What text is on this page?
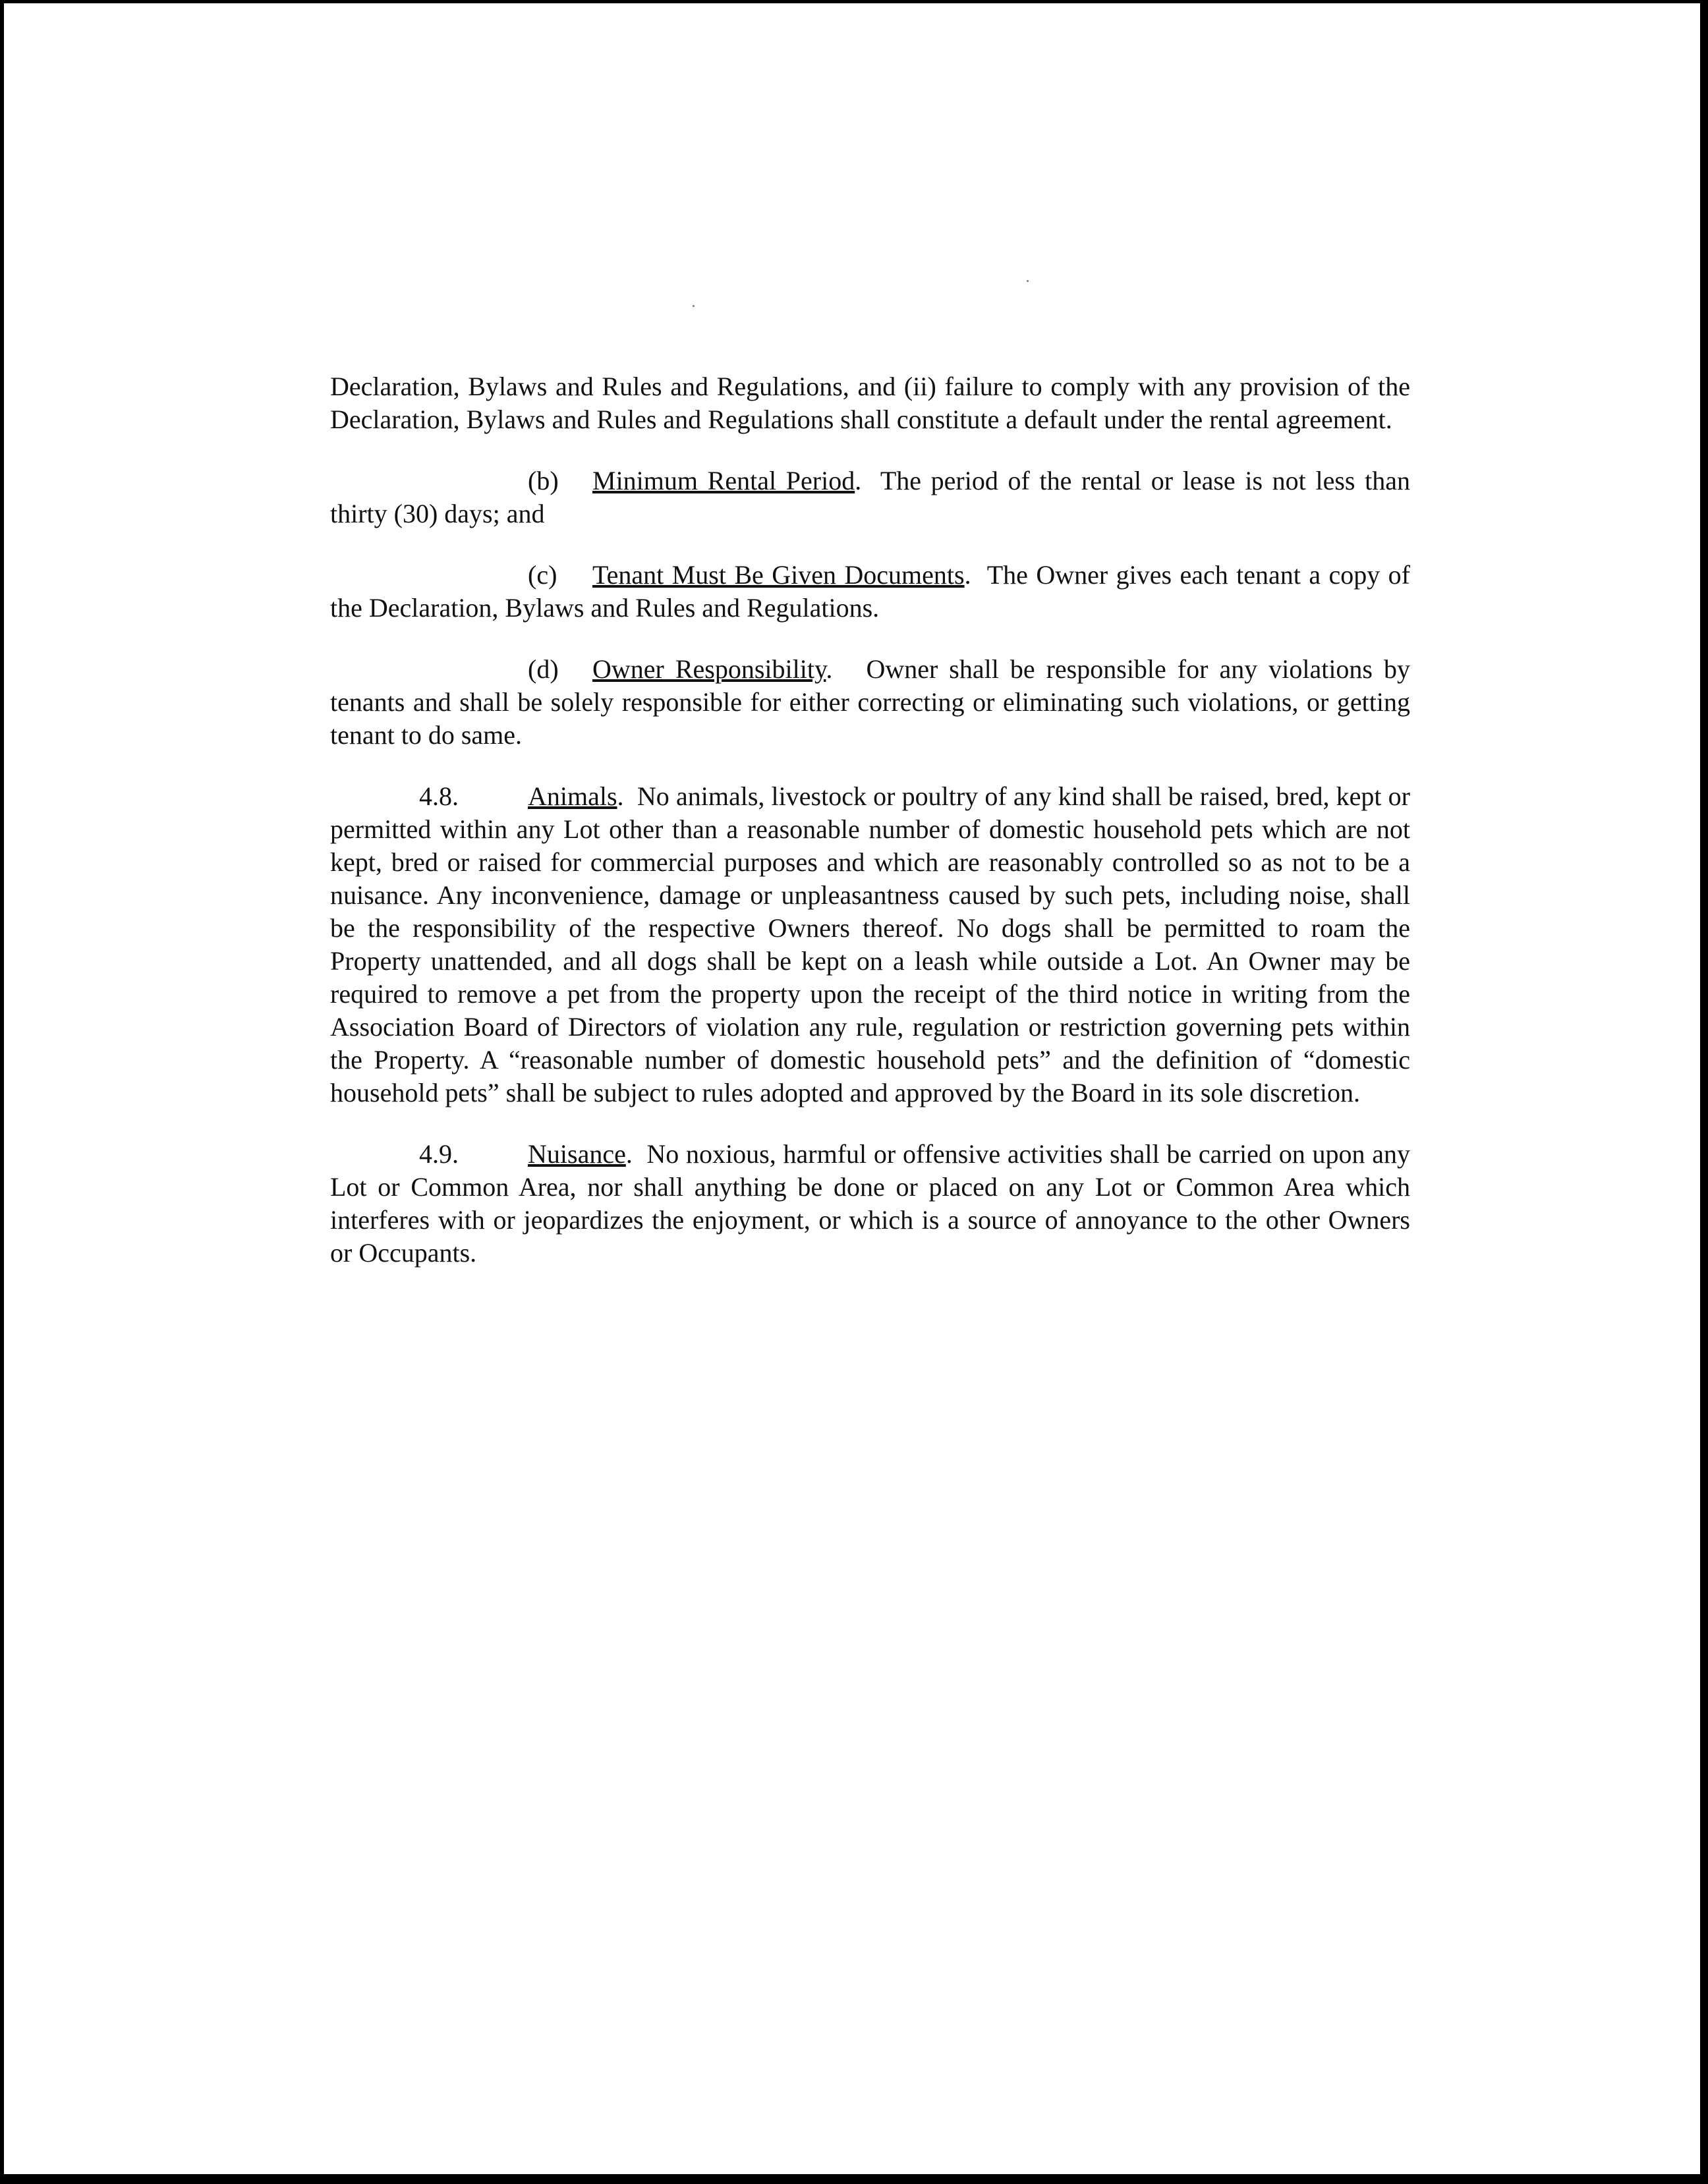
Declaration, Bylaws and Rules and Regulations, and (ii) failure to comply with any provision of the Declaration, Bylaws and Rules and Regulations shall constitute a default under the rental agreement.

(b) Minimum Rental Period.  The period of the rental or lease is not less than thirty (30) days; and

(c) Tenant Must Be Given Documents.  The Owner gives each tenant a copy of the Declaration, Bylaws and Rules and Regulations.

(d) Owner Responsibility.   Owner shall be responsible for any violations by tenants and shall be solely responsible for either correcting or eliminating such violations, or getting tenant to do same.

4.8.	Animals.  No animals, livestock or poultry of any kind shall be raised, bred, kept or permitted within any Lot other than a reasonable number of domestic household pets which are not kept, bred or raised for commercial purposes and which are reasonably controlled so as not to be a nuisance. Any inconvenience, damage or unpleasantness caused by such pets, including noise, shall be the responsibility of the respective Owners thereof. No dogs shall be permitted to roam the Property unattended, and all dogs shall be kept on a leash while outside a Lot. An Owner may be required to remove a pet from the property upon the receipt of the third notice in writing from the Association Board of Directors of violation any rule, regulation or restriction governing pets within the Property. A “reasonable number of domestic household pets” and the definition of “domestic household pets” shall be subject to rules adopted and approved by the Board in its sole discretion.

4.9.	Nuisance.  No noxious, harmful or offensive activities shall be carried on upon any Lot or Common Area, nor shall anything be done or placed on any Lot or Common Area which interferes with or jeopardizes the enjoyment, or which is a source of annoyance to the other Owners or Occupants.
